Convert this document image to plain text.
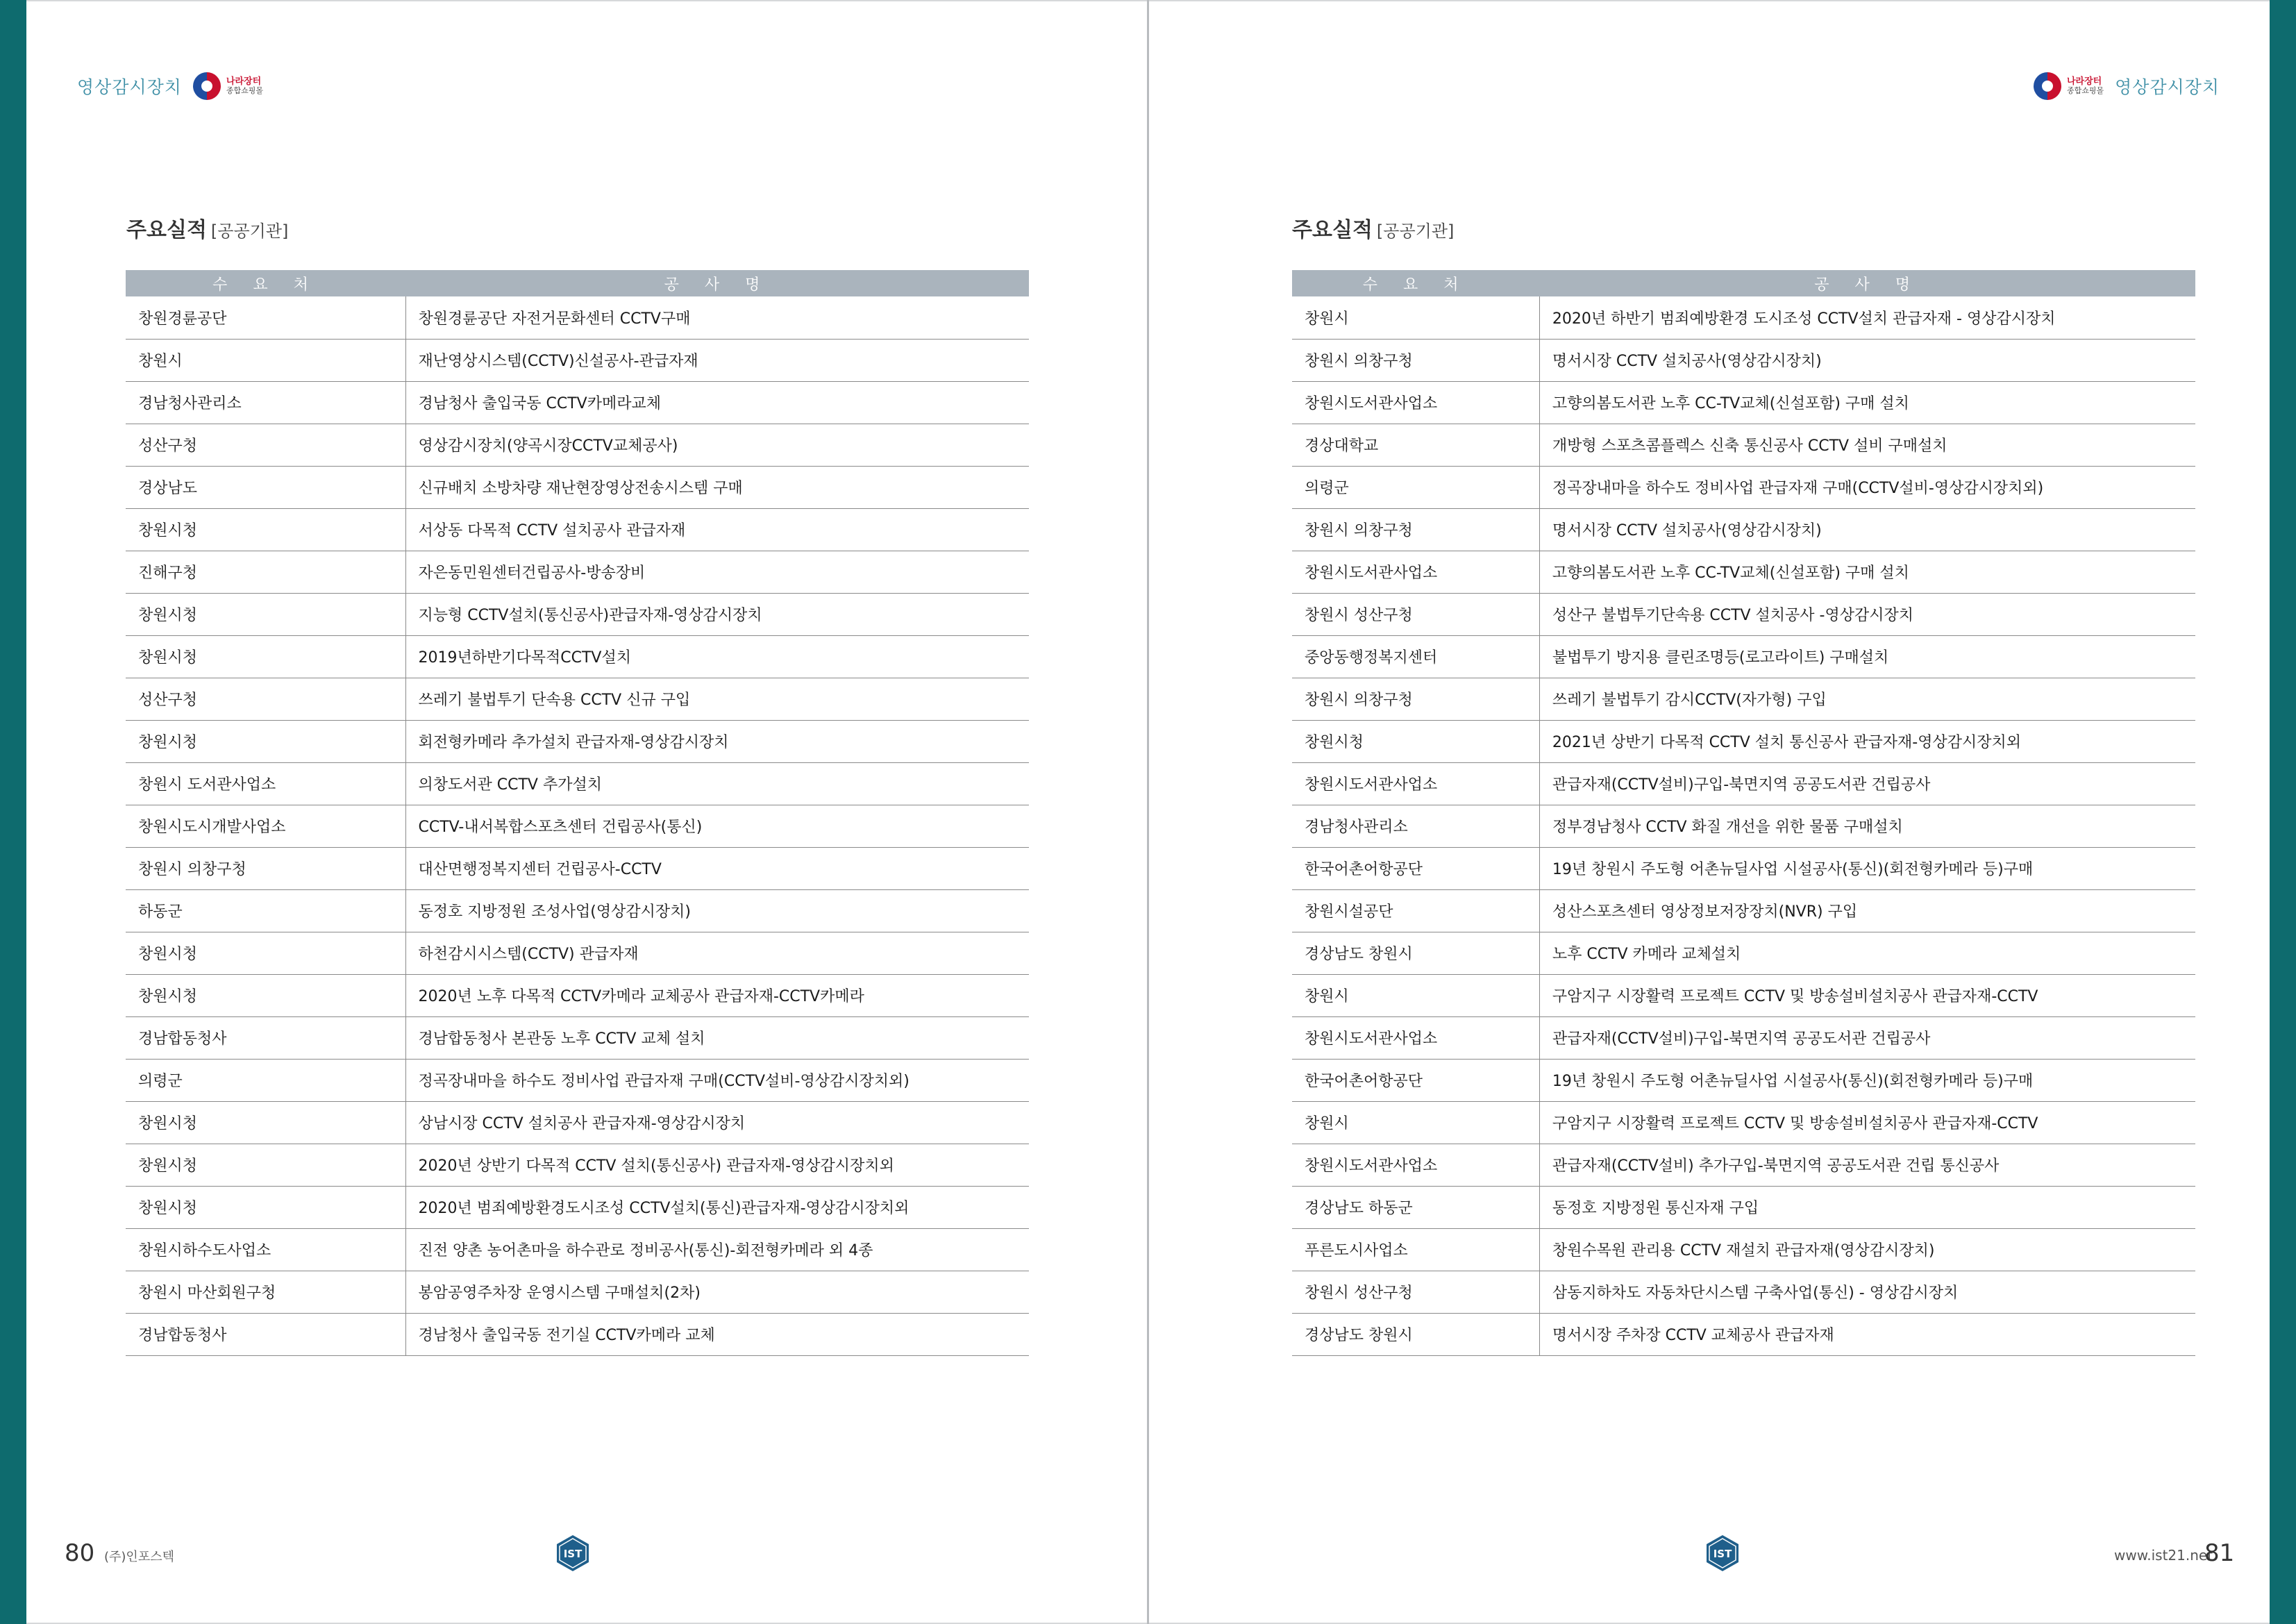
영상감시장치	나라장터
종합쇼핑몰
주요실적 [공공기관]
수 요 처	공 사 명
창원경륜공단	창원경륜공단 자전거문화센터 CCTV구매
창원시	재난영상시스템(CCTV)신설공사-관급자재
경남청사관리소	경남청사 출입국동 CCTV카메라교체
성산구청	영상감시장치(양곡시장CCTV교체공사)
경상남도	신규배치 소방차량 재난현장영상전송시스템 구매
창원시청	서상동 다목적 CCTV 설치공사 관급자재
진해구청	자은동민원센터건립공사-방송장비
창원시청	지능형 CCTV설치(통신공사)관급자재-영상감시장치
창원시청	2019년하반기다목적CCTV설치
성산구청	쓰레기 불법투기 단속용 CCTV 신규 구입
창원시청	회전형카메라 추가설치 관급자재-영상감시장치
창원시 도서관사업소	의창도서관 CCTV 추가설치
창원시도시개발사업소	CCTV-내서복합스포츠센터 건립공사(통신)
창원시 의창구청	대산면행정복지센터 건립공사-CCTV
하동군	동정호 지방정원 조성사업(영상감시장치)
창원시청	하천감시시스템(CCTV) 관급자재
창원시청	2020년 노후 다목적 CCTV카메라 교체공사 관급자재-CCTV카메라
경남합동청사	경남합동청사 본관동 노후 CCTV 교체 설치
의령군	정곡장내마을 하수도 정비사업 관급자재 구매(CCTV설비-영상감시장치외)
창원시청	상남시장 CCTV 설치공사 관급자재-영상감시장치
창원시청	2020년 상반기 다목적 CCTV 설치(통신공사) 관급자재-영상감시장치외
창원시청	2020년 범죄예방환경도시조성 CCTV설치(통신)관급자재-영상감시장치외
창원시하수도사업소	진전 양촌 농어촌마을 하수관로 정비공사(통신)-회전형카메라 외 4종
창원시 마산회원구청	봉암공영주차장 운영시스템 구매설치(2차)
경남합동청사	경남청사 출입국동 전기실 CCTV카메라 교체
80 (주)인포스텍	IST
나라장터
종합쇼핑몰 영상감시장치
주요실적 [공공기관]
수 요 처	공 사 명
창원시	2020년 하반기 범죄예방환경 도시조성 CCTV설치 관급자재 - 영상감시장치
창원시 의창구청	명서시장 CCTV 설치공사(영상감시장치)
창원시도서관사업소	고향의봄도서관 노후 CC-TV교체(신설포함) 구매 설치
경상대학교	개방형 스포츠콤플렉스 신축 통신공사 CCTV 설비 구매설치
의령군	정곡장내마을 하수도 정비사업 관급자재 구매(CCTV설비-영상감시장치외)
창원시 의창구청	명서시장 CCTV 설치공사(영상감시장치)
창원시도서관사업소	고향의봄도서관 노후 CC-TV교체(신설포함) 구매 설치
창원시 성산구청	성산구 불법투기단속용 CCTV 설치공사 -영상감시장치
중앙동행정복지센터	불법투기 방지용 클린조명등(로고라이트) 구매설치
창원시 의창구청	쓰레기 불법투기 감시CCTV(자가형) 구입
창원시청	2021년 상반기 다목적 CCTV 설치 통신공사 관급자재-영상감시장치외
창원시도서관사업소	관급자재(CCTV설비)구입-북면지역 공공도서관 건립공사
경남청사관리소	정부경남청사 CCTV 화질 개선을 위한 물품 구매설치
한국어촌어항공단	19년 창원시 주도형 어촌뉴딜사업 시설공사(통신)(회전형카메라 등)구매
창원시설공단	성산스포츠센터 영상정보저장장치(NVR) 구입
경상남도 창원시	노후 CCTV 카메라 교체설치
창원시	구암지구 시장활력 프로젝트 CCTV 및 방송설비설치공사 관급자재-CCTV
창원시도서관사업소	관급자재(CCTV설비)구입-북면지역 공공도서관 건립공사
한국어촌어항공단	19년 창원시 주도형 어촌뉴딜사업 시설공사(통신)(회전형카메라 등)구매
창원시	구암지구 시장활력 프로젝트 CCTV 및 방송설비설치공사 관급자재-CCTV
창원시도서관사업소	관급자재(CCTV설비) 추가구입-북면지역 공공도서관 건립 통신공사
경상남도 하동군	동정호 지방정원 통신자재 구입
푸른도시사업소	창원수목원 관리용 CCTV 재설치 관급자재(영상감시장치)
창원시 성산구청	삼동지하차도 자동차단시스템 구축사업(통신) - 영상감시장치
경상남도 창원시	명서시장 주차장 CCTV 교체공사 관급자재
IST	www.ist21.net
81
